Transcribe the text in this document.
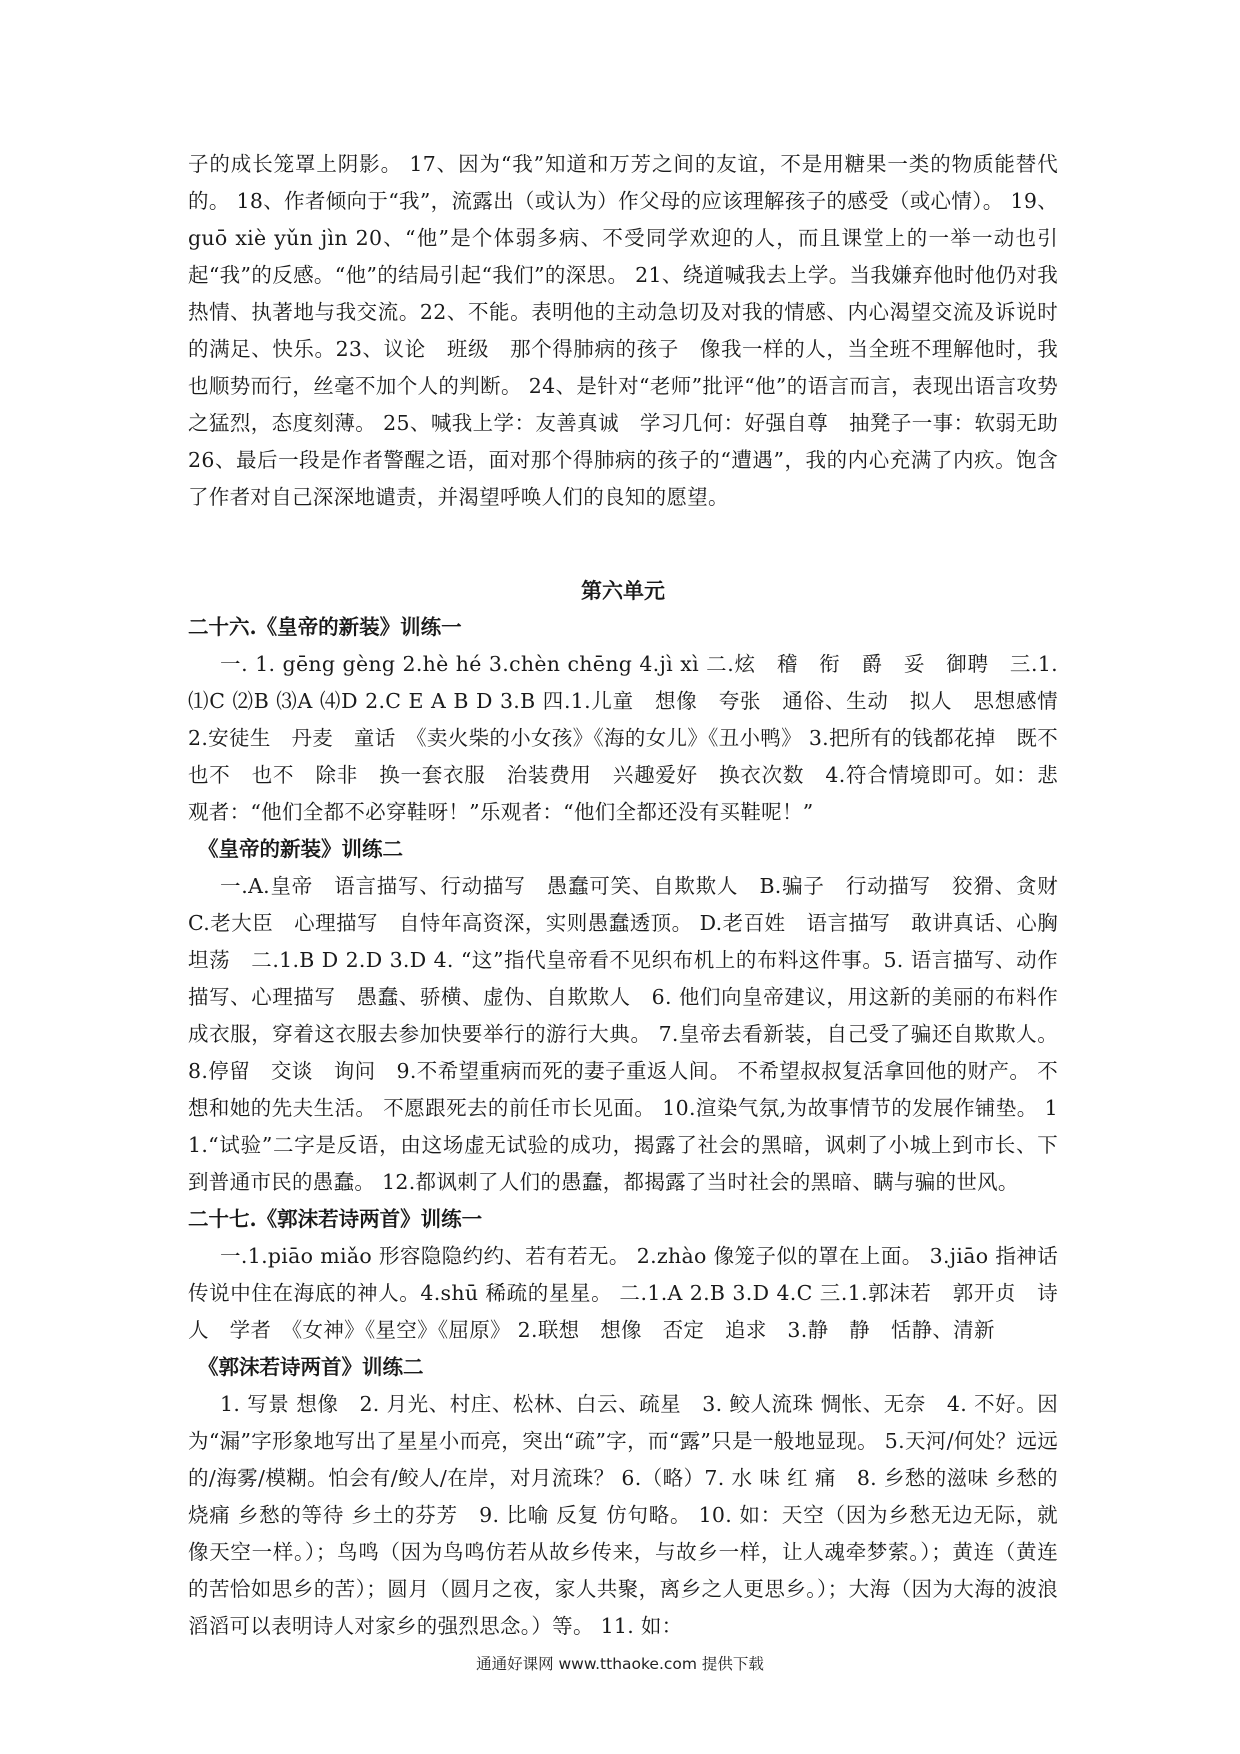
子的成长笼罩上阴影。 17、因为“我”知道和万芳之间的友谊，不是用糖果一类的物质能替代的。 18、作者倾向于“我”，流露出（或认为）作父母的应该理解孩子的感受（或心情）。 19、guō xiè yǔn jìn 20、“他”是个体弱多病、不受同学欢迎的人，而且课堂上的一举一动也引起“我”的反感。“他”的结局引起“我们”的深思。 21、绕道喊我去上学。当我嫌弃他时他仍对我热情、执著地与我交流。22、不能。表明他的主动急切及对我的情感、内心渴望交流及诉说时的满足、快乐。23、议论　班级　那个得肺病的孩子　像我一样的人，当全班不理解他时，我也顺势而行，丝毫不加个人的判断。 24、是针对“老师”批评“他”的语言而言，表现出语言攻势之猛烈，态度刻薄。 25、喊我上学：友善真诚　学习几何：好强自尊　抽凳子一事：软弱无助　26、最后一段是作者警醒之语，面对那个得肺病的孩子的“遭遇”，我的内心充满了内疚。饱含了作者对自己深深地谴责，并渴望呼唤人们的良知的愿望。

第六单元
二十六.《皇帝的新装》训练一

一. 1. gēng gèng 2.hè hé 3.chèn chēng 4.jì xì 二.炫　稽　衔　爵　妥　御聘　三.1.⑴C ⑵B ⑶A ⑷D 2.C E A B D 3.B 四.1.儿童　想像　夸张　通俗、生动　拟人　思想感情　2.安徒生　丹麦　童话　《卖火柴的小女孩》《海的女儿》《丑小鸭》 3.把所有的钱都花掉　既不　也不　也不　除非　换一套衣服　治装费用　兴趣爱好　换衣次数　4.符合情境即可。如：悲观者：“他们全都不必穿鞋呀！”乐观者：“他们全都还没有买鞋呢！”

《皇帝的新装》训练二

一.A.皇帝　语言描写、行动描写　愚蠢可笑、自欺欺人　B.骗子　行动描写　狡猾、贪财　C.老大臣　心理描写　自恃年高资深，实则愚蠢透顶。 D.老百姓　语言描写　敢讲真话、心胸坦荡　二.1.B D 2.D 3.D 4. “这”指代皇帝看不见织布机上的布料这件事。5. 语言描写、动作描写、心理描写　愚蠢、骄横、虚伪、自欺欺人　6. 他们向皇帝建议，用这新的美丽的布料作成衣服，穿着这衣服去参加快要举行的游行大典。 7.皇帝去看新装，自己受了骗还自欺欺人。 8.停留　交谈　询问　9.不希望重病而死的妻子重返人间。 不希望叔叔复活拿回他的财产。 不想和她的先夫生活。 不愿跟死去的前任市长见面。 10.渲染气氛,为故事情节的发展作铺垫。 11.“试验”二字是反语，由这场虚无试验的成功，揭露了社会的黑暗，讽刺了小城上到市长、下到普通市民的愚蠢。 12.都讽刺了人们的愚蠢，都揭露了当时社会的黑暗、瞒与骗的世风。

二十七.《郭沫若诗两首》训练一

一.1.piāo miǎo 形容隐隐约约、若有若无。 2.zhào 像笼子似的罩在上面。 3.jiāo 指神话传说中住在海底的神人。4.shū 稀疏的星星。 二.1.A 2.B 3.D 4.C 三.1.郭沫若　郭开贞　诗人　学者　《女神》《星空》《屈原》 2.联想　想像　否定　追求　3.静　静　恬静、清新

《郭沫若诗两首》训练二

1. 写景 想像　2. 月光、村庄、松林、白云、疏星　3. 鲛人流珠 惆怅、无奈　4. 不好。因为“漏”字形象地写出了星星小而亮，突出“疏”字，而“露”只是一般地显现。 5.天河/何处？远远的/海雾/模糊。怕会有/鲛人/在岸，对月流珠？ 6.（略）7. 水 味 红 痛　8. 乡愁的滋味 乡愁的烧痛 乡愁的等待 乡土的芬芳　9. 比喻 反复 仿句略。 10. 如：天空（因为乡愁无边无际，就像天空一样。）；鸟鸣（因为鸟鸣仿若从故乡传来，与故乡一样，让人魂牵梦萦。）；黄连（黄连的苦恰如思乡的苦）；圆月（圆月之夜，家人共聚，离乡之人更思乡。）；大海（因为大海的波浪滔滔可以表明诗人对家乡的强烈思念。）等。 11. 如：

通通好课网 www.tthaoke.com 提供下载
